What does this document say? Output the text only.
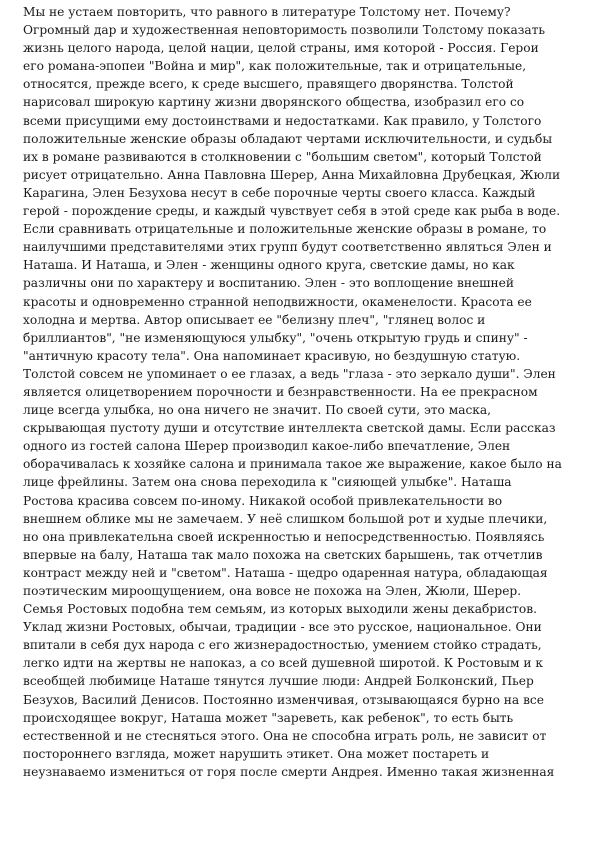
Мы не устаем повторить, что равного в литературе Толстому нет. Почему?
Огромный дар и художественная неповторимость позволили Толстому показать
жизнь целого народа, целой нации, целой страны, имя которой - Россия. Герои
его романа-эпопеи "Война и мир", как положительные, так и отрицательные,
относятся, прежде всего, к среде высшего, правящего дворянства. Толстой
нарисовал широкую картину жизни дворянского общества, изобразил его со
всеми присущими ему достоинствами и недостатками. Как правило, у Толстого
положительные женские образы обладают чертами исключительности, и судьбы
их в романе развиваются в столкновении с "большим светом", который Толстой
рисует отрицательно. Анна Павловна Шерер, Анна Михайловна Друбецкая, Жюли
Карагина, Элен Безухова несут в себе порочные черты своего класса. Каждый
герой - порождение среды, и каждый чувствует себя в этой среде как рыба в воде.
Если сравнивать отрицательные и положительные женские образы в романе, то
наилучшими представителями этих групп будут соответственно являться Элен и
Наташа. И Наташа, и Элен - женщины одного круга, светские дамы, но как
различны они по характеру и воспитанию. Элен - это воплощение внешней
красоты и одновременно странной неподвижности, окаменелости. Красота ее
холодна и мертва. Автор описывает ее "белизну плеч", "глянец волос и
бриллиантов", "не изменяющуюся улыбку", "очень открытую грудь и спину" -
"античную красоту тела". Она напоминает красивую, но бездушную статую.
Толстой совсем не упоминает о ее глазах, а ведь "глаза - это зеркало души". Элен
является олицетворением порочности и безнравственности. На ее прекрасном
лице всегда улыбка, но она ничего не значит. По своей сути, это маска,
скрывающая пустоту души и отсутствие интеллекта светской дамы. Если рассказ
одного из гостей салона Шерер производил какое-либо впечатление, Элен
оборачивалась к хозяйке салона и принимала такое же выражение, какое было на
лице фрейлины. Затем она снова переходила к "сияющей улыбке". Наташа
Ростова красива совсем по-иному. Никакой особой привлекательности во
внешнем облике мы не замечаем. У неё слишком большой рот и худые плечики,
но она привлекательна своей искренностью и непосредственностью. Появляясь
впервые на балу, Наташа так мало похожа на светских барышень, так отчетлив
контраст между ней и "светом". Наташа - щедро одаренная натура, обладающая
поэтическим мироощущением, она вовсе не похожа на Элен, Жюли, Шерер.
Семья Ростовых подобна тем семьям, из которых выходили жены декабристов.
Уклад жизни Ростовых, обычаи, традиции - все это русское, национальное. Они
впитали в себя дух народа с его жизнерадостностью, умением стойко страдать,
легко идти на жертвы не напоказ, а со всей душевной широтой. К Ростовым и к
всеобщей любимице Наташе тянутся лучшие люди: Андрей Болконский, Пьер
Безухов, Василий Денисов. Постоянно изменчивая, отзывающаяся бурно на все
происходящее вокруг, Наташа может "зареветь, как ребенок", то есть быть
естественной и не стесняться этого. Она не способна играть роль, не зависит от
постороннего взгляда, может нарушить этикет. Она может постареть и
неузнаваемо измениться от горя после смерти Андрея. Именно такая жизненная
